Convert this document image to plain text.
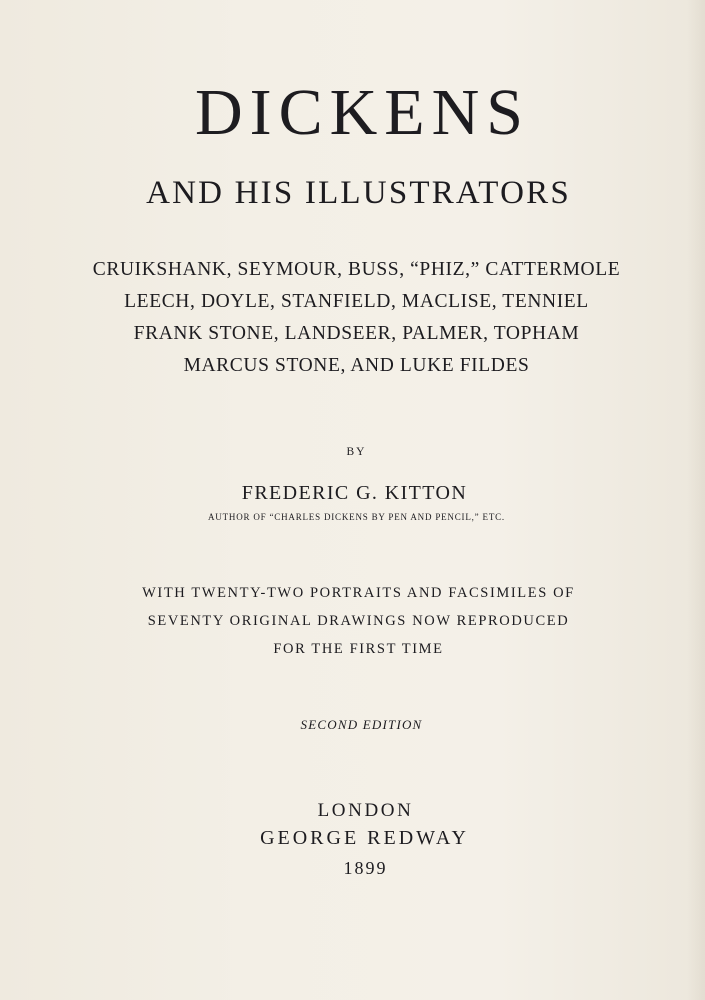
DICKENS
AND HIS ILLUSTRATORS
CRUIKSHANK, SEYMOUR, BUSS, “PHIZ,” CATTERMOLE
LEECH, DOYLE, STANFIELD, MACLISE, TENNIEL
FRANK STONE, LANDSEER, PALMER, TOPHAM
MARCUS STONE, AND LUKE FILDES
BY
FREDERIC G. KITTON
AUTHOR OF “CHARLES DICKENS BY PEN AND PENCIL,” ETC.
WITH TWENTY-TWO PORTRAITS AND FACSIMILES OF
SEVENTY ORIGINAL DRAWINGS NOW REPRODUCED
FOR THE FIRST TIME
SECOND EDITION
LONDON
GEORGE REDWAY
1899
